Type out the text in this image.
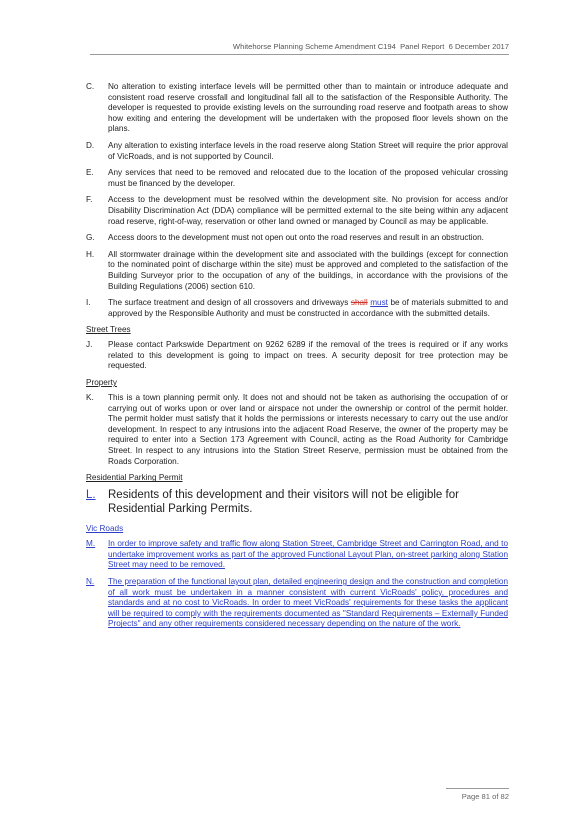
Whitehorse Planning Scheme Amendment C194  Panel Report  6 December 2017
C.	No alteration to existing interface levels will be permitted other than to maintain or introduce adequate and consistent road reserve crossfall and longitudinal fall all to the satisfaction of the Responsible Authority. The developer is requested to provide existing levels on the surrounding road reserve and footpath areas to show how exiting and entering the development will be undertaken with the proposed floor levels shown on the plans.
D.	Any alteration to existing interface levels in the road reserve along Station Street will require the prior approval of VicRoads, and is not supported by Council.
E.	Any services that need to be removed and relocated due to the location of the proposed vehicular crossing must be financed by the developer.
F.	Access to the development must be resolved within the development site. No provision for access and/or Disability Discrimination Act (DDA) compliance will be permitted external to the site being within any adjacent road reserve, right-of-way, reservation or other land owned or managed by Council as may be applicable.
G.	Access doors to the development must not open out onto the road reserves and result in an obstruction.
H.	All stormwater drainage within the development site and associated with the buildings (except for connection to the nominated point of discharge within the site) must be approved and completed to the satisfaction of the Building Surveyor prior to the occupation of any of the buildings, in accordance with the provisions of the Building Regulations (2006) section 610.
I.	The surface treatment and design of all crossovers and driveways shall must be of materials submitted to and approved by the Responsible Authority and must be constructed in accordance with the submitted details.
Street Trees
J.	Please contact Parkswide Department on 9262 6289 if the removal of the trees is required or if any works related to this development is going to impact on trees. A security deposit for tree protection may be requested.
Property
K.	This is a town planning permit only. It does not and should not be taken as authorising the occupation of or carrying out of works upon or over land or airspace not under the ownership or control of the permit holder. The permit holder must satisfy that it holds the permissions or interests necessary to carry out the use and/or development. In respect to any intrusions into the adjacent Road Reserve, the owner of the property may be required to enter into a Section 173 Agreement with Council, acting as the Road Authority for Cambridge Street. In respect to any intrusions into the Station Street Reserve, permission must be obtained from the Roads Corporation.
Residential Parking Permit
L.	Residents of this development and their visitors will not be eligible for Residential Parking Permits.
Vic Roads
M.	In order to improve safety and traffic flow along Station Street, Cambridge Street and Carrington Road, and to undertake improvement works as part of the approved Functional Layout Plan, on-street parking along Station Street may need to be removed.
N.	The preparation of the functional layout plan, detailed engineering design and the construction and completion of all work must be undertaken in a manner consistent with current VicRoads' policy, procedures and standards and at no cost to VicRoads. In order to meet VicRoads' requirements for these tasks the applicant will be required to comply with the requirements documented as "Standard Requirements – Externally Funded Projects" and any other requirements considered necessary depending on the nature of the work.
Page 81 of 82
